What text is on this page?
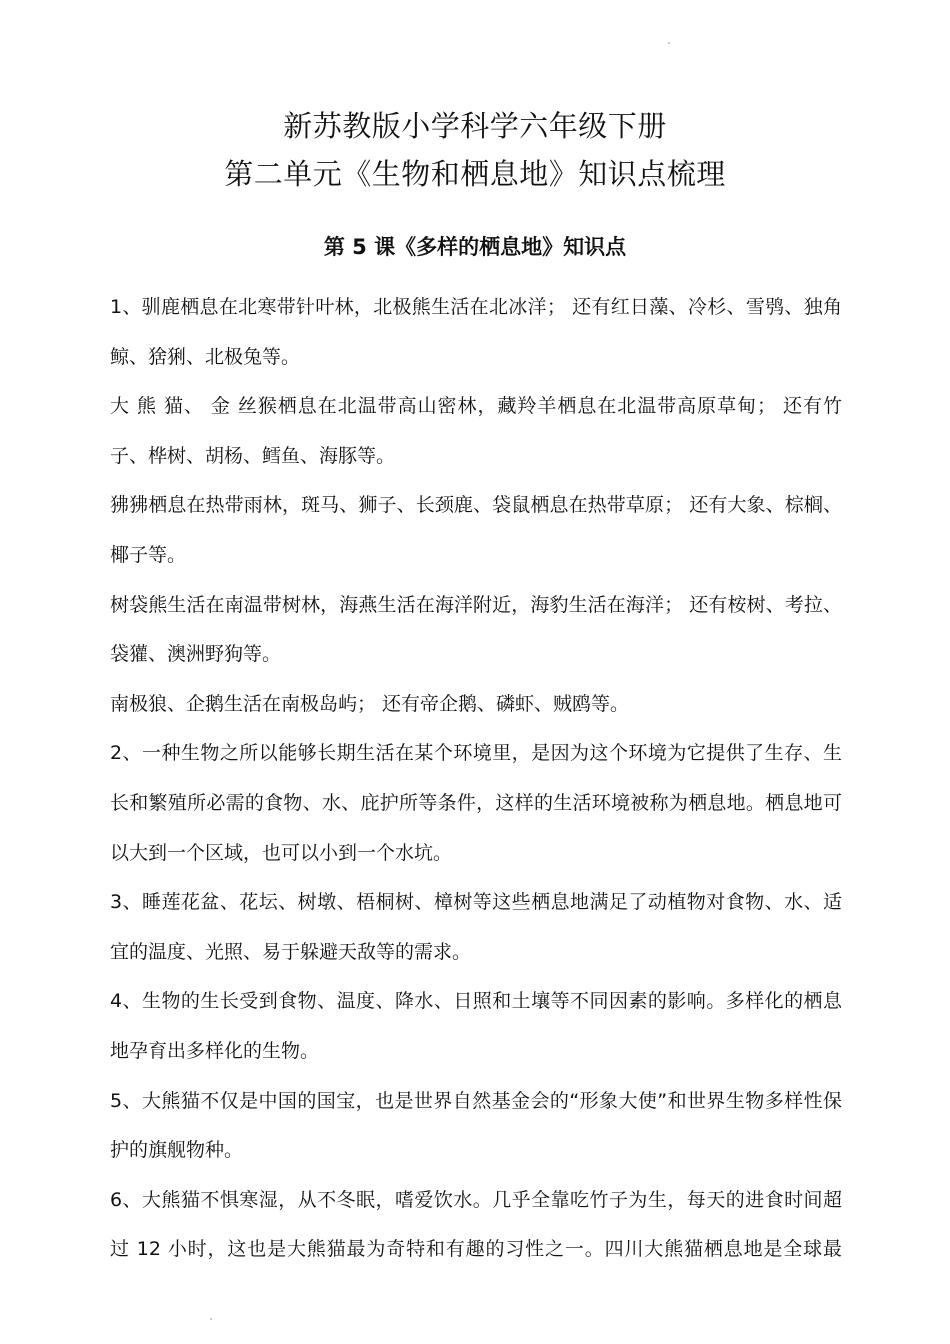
新苏教版小学科学六年级下册
第二单元《生物和栖息地》知识点梳理
第 5 课《多样的栖息地》知识点

1、驯鹿栖息在北寒带针叶林，北极熊生活在北冰洋； 还有红日藻、冷杉、雪鸮、独角鲸、猞猁、北极兔等。

大 熊 猫、 金 丝猴栖息在北温带高山密林，藏羚羊栖息在北温带高原草甸； 还有竹子、桦树、胡杨、鳕鱼、海豚等。

狒狒栖息在热带雨林，斑马、狮子、长颈鹿、袋鼠栖息在热带草原； 还有大象、棕榈、椰子等。

树袋熊生活在南温带树林，海燕生活在海洋附近，海豹生活在海洋； 还有桉树、考拉、袋獾、澳洲野狗等。

南极狼、企鹅生活在南极岛屿； 还有帝企鹅、磷虾、贼鸥等。

2、一种生物之所以能够长期生活在某个环境里，是因为这个环境为它提供了生存、生长和繁殖所必需的食物、水、庇护所等条件，这样的生活环境被称为栖息地。栖息地可以大到一个区域，也可以小到一个水坑。

3、睡莲花盆、花坛、树墩、梧桐树、樟树等这些栖息地满足了动植物对食物、水、适宜的温度、光照、易于躲避天敌等的需求。

4、生物的生长受到食物、温度、降水、日照和土壤等不同因素的影响。多样化的栖息地孕育出多样化的生物。

5、大熊猫不仅是中国的国宝，也是世界自然基金会的“形象大使”和世界生物多样性保护的旗舰物种。

6、大熊猫不惧寒湿，从不冬眠，嗜爱饮水。几乎全靠吃竹子为生，每天的进食时间超过 12 小时，这也是大熊猫最为奇特和有趣的习性之一。四川大熊猫栖息地是全球最
